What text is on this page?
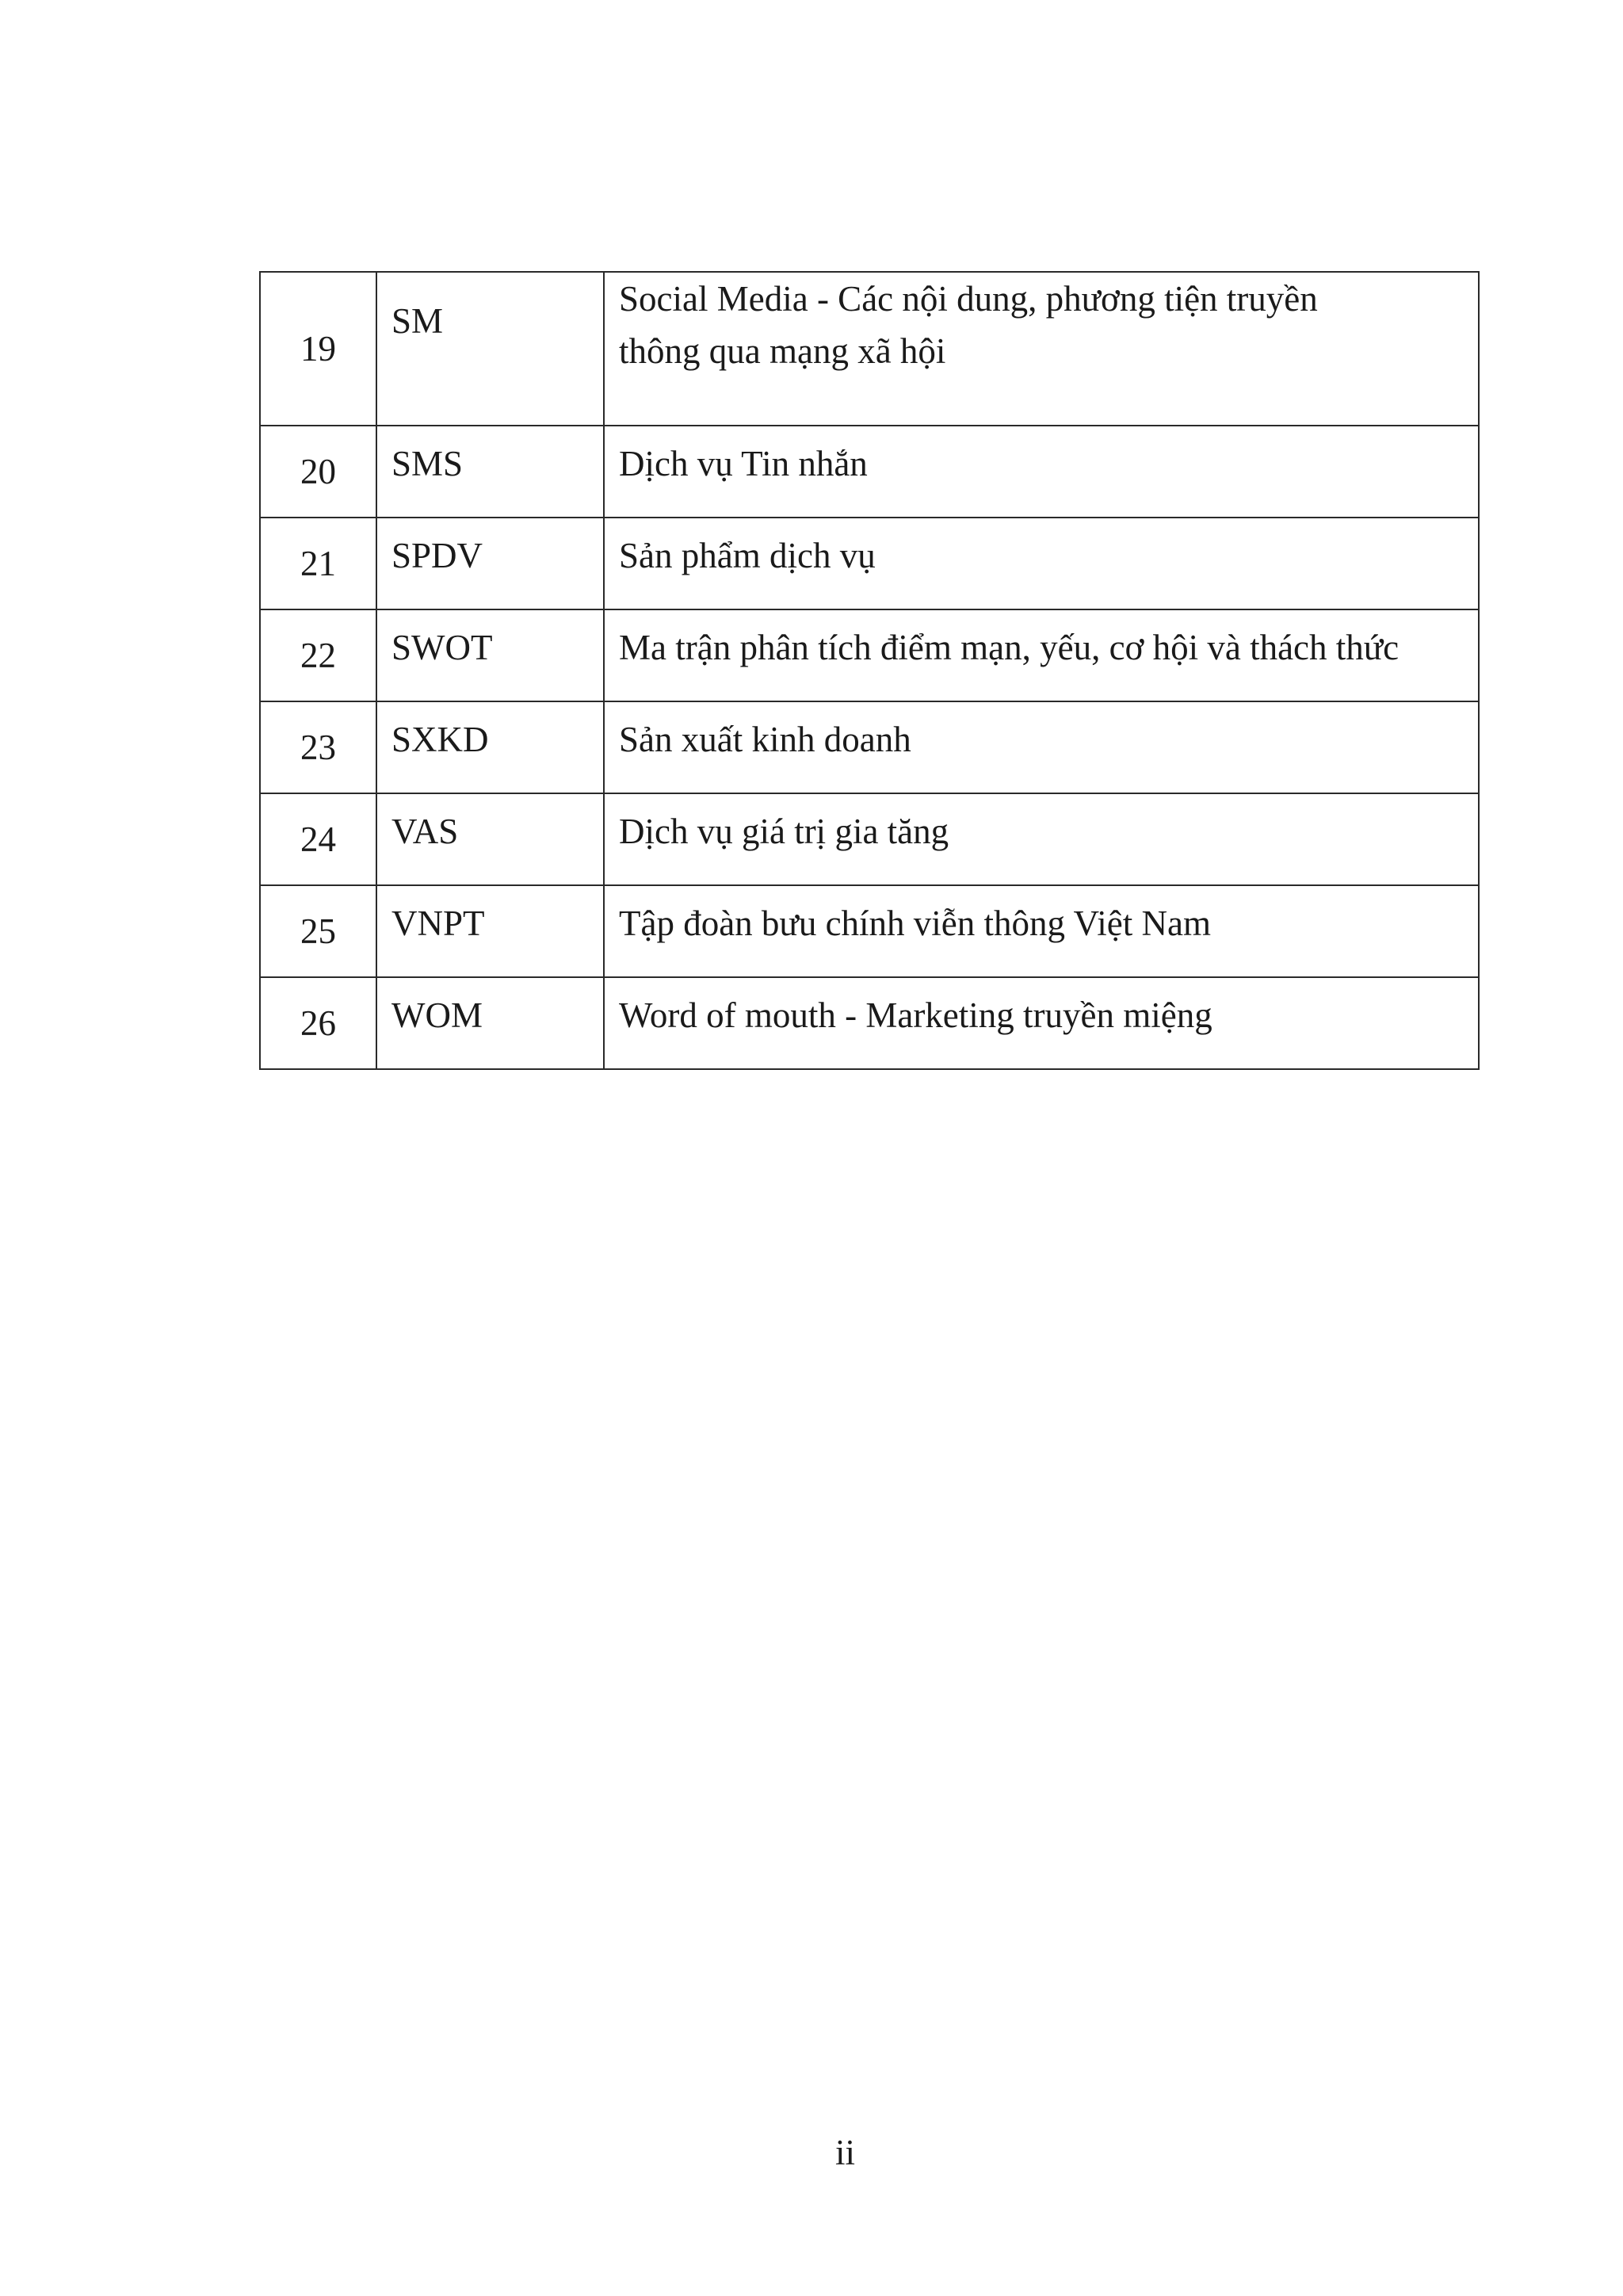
19	SM	Social Media - Các nội dung, phương tiện truyền
thông qua mạng xã hội

20	SMS	Dịch vụ Tin nhắn
21	SPDV	Sản phẩm dịch vụ
22	SWOT	Ma trận phân tích điểm mạn, yếu, cơ hội và thách thức
23	SXKD	Sản xuất kinh doanh
24	VAS	Dịch vụ giá trị gia tăng
25	VNPT	Tập đoàn bưu chính viễn thông Việt Nam
26	WOM	Word of mouth - Marketing truyền miệng
ii
